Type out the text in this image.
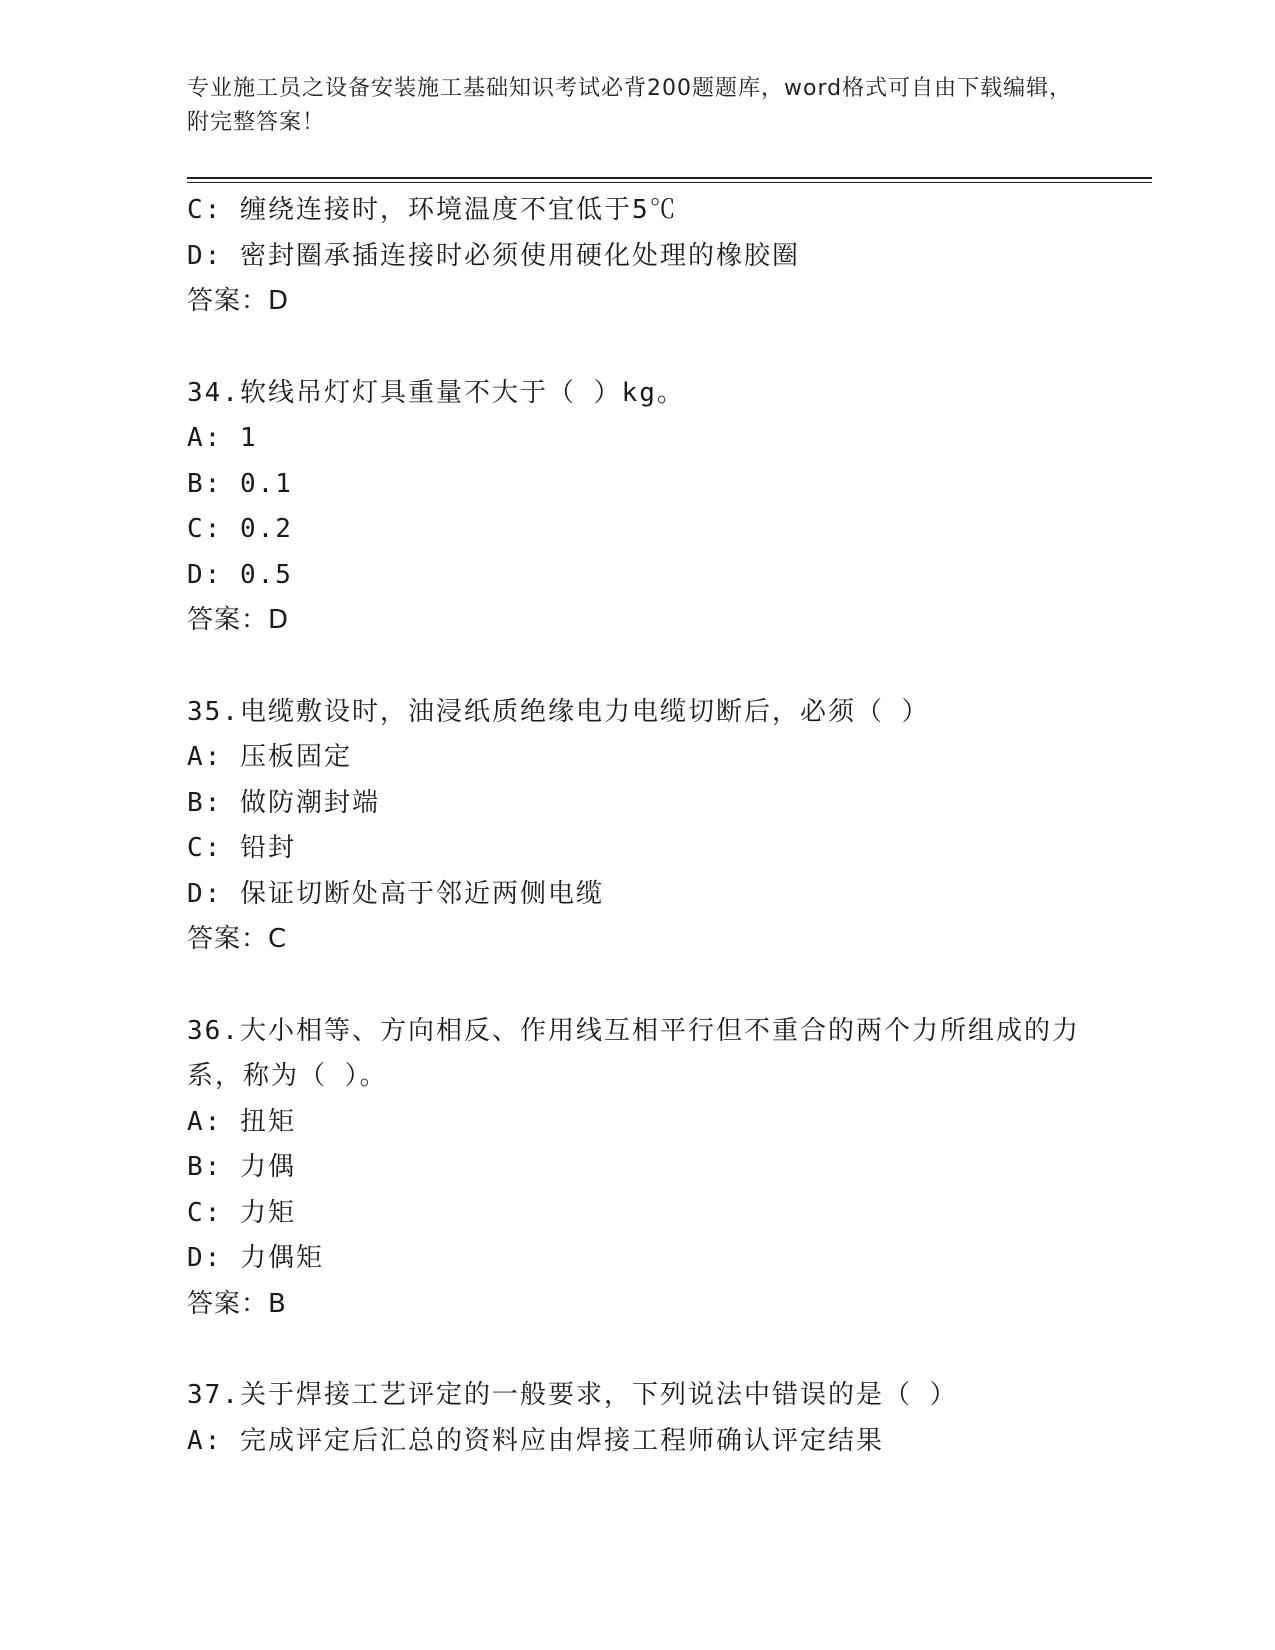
专业施工员之设备安装施工基础知识考试必背200题题库，word格式可自由下载编辑，附完整答案！
C: 缠绕连接时，环境温度不宜低于5℃
D: 密封圈承插连接时必须使用硬化处理的橡胶圈
答案：D
34.软线吊灯灯具重量不大于（ ）kg。
A: 1
B: 0.1
C: 0.2
D: 0.5
答案：D
35.电缆敷设时，油浸纸质绝缘电力电缆切断后，必须（ ）
A: 压板固定
B: 做防潮封端
C: 铅封
D: 保证切断处高于邻近两侧电缆
答案：C
36.大小相等、方向相反、作用线互相平行但不重合的两个力所组成的力系，称为（ ）。
A: 扭矩
B: 力偶
C: 力矩
D: 力偶矩
答案：B
37.关于焊接工艺评定的一般要求，下列说法中错误的是（ ）
A: 完成评定后汇总的资料应由焊接工程师确认评定结果
